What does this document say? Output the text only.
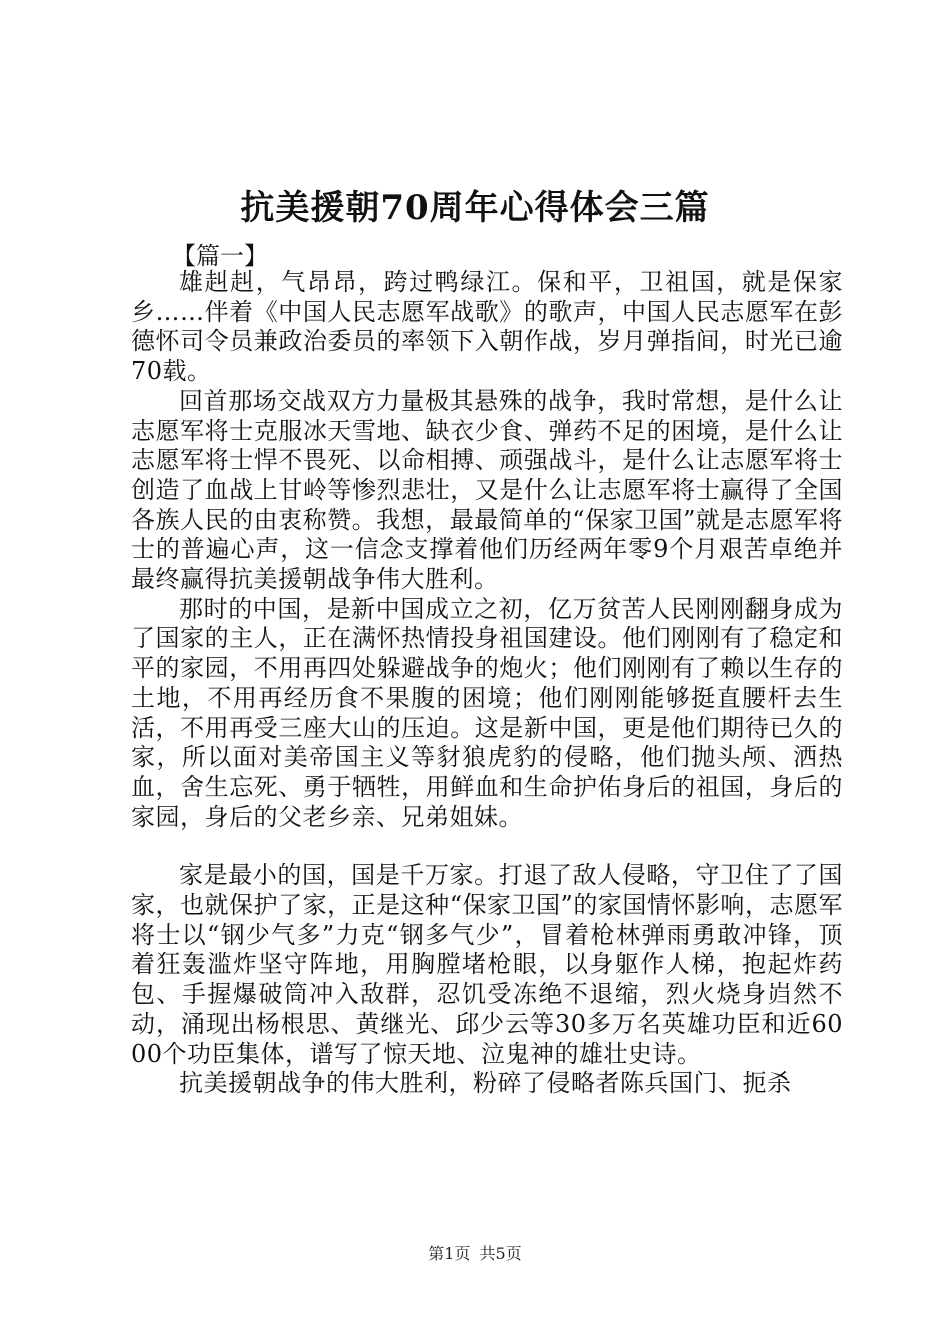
抗美援朝70周年心得体会三篇
【篇一】

雄赳赳，气昂昂，跨过鸭绿江。保和平，卫祖国，就是保家乡……伴着《中国人民志愿军战歌》的歌声，中国人民志愿军在彭德怀司令员兼政治委员的率领下入朝作战，岁月弹指间，时光已逾70载。

回首那场交战双方力量极其悬殊的战争，我时常想，是什么让志愿军将士克服冰天雪地、缺衣少食、弹药不足的困境，是什么让志愿军将士悍不畏死、以命相搏、顽强战斗，是什么让志愿军将士创造了血战上甘岭等惨烈悲壮，又是什么让志愿军将士赢得了全国各族人民的由衷称赞。我想，最最简单的“保家卫国”就是志愿军将士的普遍心声，这一信念支撑着他们历经两年零9个月艰苦卓绝并最终赢得抗美援朝战争伟大胜利。

那时的中国，是新中国成立之初，亿万贫苦人民刚刚翻身成为了国家的主人，正在满怀热情投身祖国建设。他们刚刚有了稳定和平的家园，不用再四处躲避战争的炮火；他们刚刚有了赖以生存的土地，不用再经历食不果腹的困境；他们刚刚能够挺直腰杆去生活，不用再受三座大山的压迫。这是新中国，更是他们期待已久的家，所以面对美帝国主义等豺狼虎豹的侵略，他们抛头颅、洒热血，舍生忘死、勇于牺牲，用鲜血和生命护佑身后的祖国，身后的家园，身后的父老乡亲、兄弟姐妹。

家是最小的国，国是千万家。打退了敌人侵略，守卫住了了国家，也就保护了家，正是这种“保家卫国”的家国情怀影响，志愿军将士以“钢少气多”力克“钢多气少”，冒着枪林弹雨勇敢冲锋，顶着狂轰滥炸坚守阵地，用胸膛堵枪眼，以身躯作人梯，抱起炸药包、手握爆破筒冲入敌群，忍饥受冻绝不退缩，烈火烧身岿然不动，涌现出杨根思、黄继光、邱少云等30多万名英雄功臣和近6000个功臣集体，谱写了惊天地、泣鬼神的雄壮史诗。

抗美援朝战争的伟大胜利，粉碎了侵略者陈兵国门、扼杀

第1页 共5页
